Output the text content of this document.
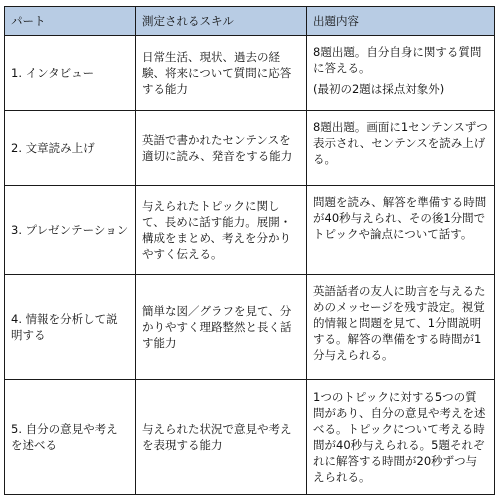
パート	測定されるスキル	出題内容
1. インタビュー	日常生活、現状、過去の経験、将来について質問に応答する能力	8題出題。自分自身に関する質問に答える。
(最初の2題は採点対象外)

2. 文章読み上げ	英語で書かれたセンテンスを適切に読み、発音をする能力	8題出題。画面に1センテンスずつ表示され、センテンスを読み上げる。
3. プレゼンテーション	与えられたトピックに関して、長めに話す能力。展開・構成をまとめ、考えを分かりやすく伝える。	問題を読み、解答を準備する時間が40秒与えられ、その後1分間でトピックや論点について話す。
4. 情報を分析して説明する	簡単な図／グラフを見て、分かりやすく理路整然と長く話す能力	英語話者の友人に助言を与えるためのメッセージを残す設定。視覚的情報と問題を見て、1分間説明する。解答の準備をする時間が1分与えられる。
5. 自分の意見や考えを述べる	与えられた状況で意見や考えを表現する能力	1つのトピックに対する5つの質問があり、自分の意見や考えを述べる。トピックについて考える時間が40秒与えられる。5題それぞれに解答する時間が20秒ずつ与えられる。
